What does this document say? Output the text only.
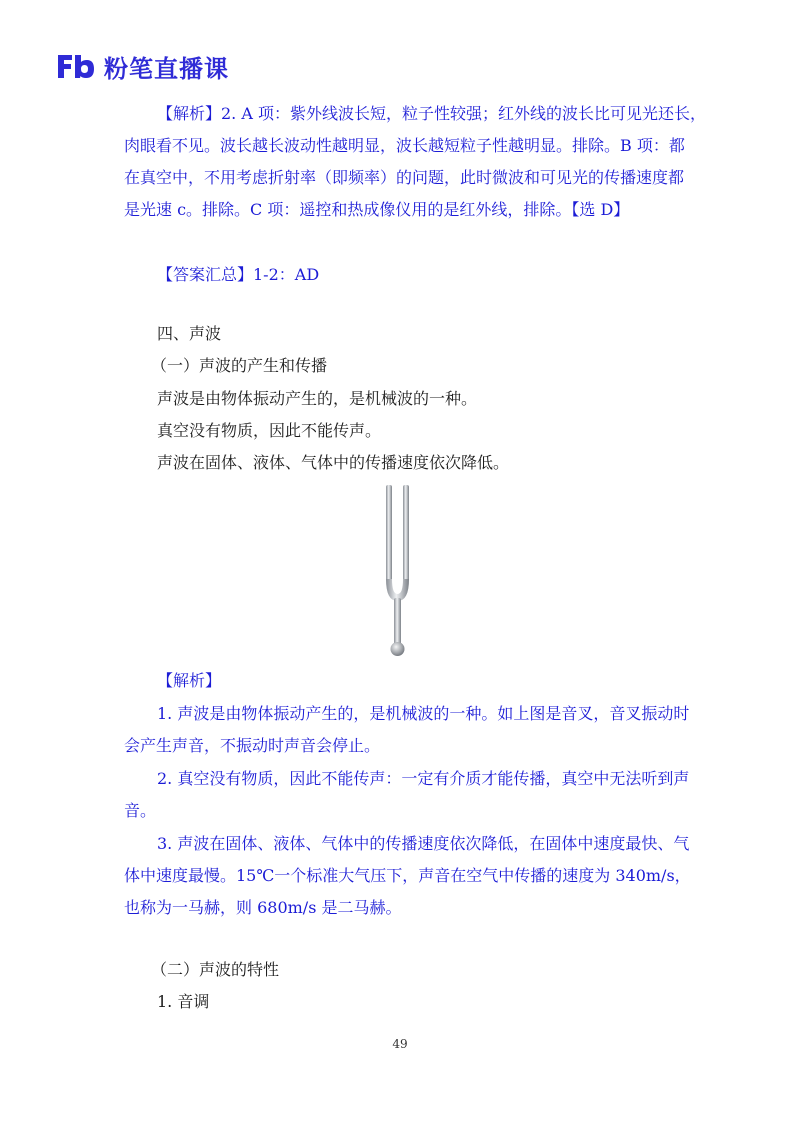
粉笔直播课
【解析】2. A 项：紫外线波长短，粒子性较强；红外线的波长比可见光还长，
肉眼看不见。波长越长波动性越明显，波长越短粒子性越明显。排除。B 项：都
在真空中，不用考虑折射率（即频率）的问题，此时微波和可见光的传播速度都
是光速 c。排除。C 项：遥控和热成像仪用的是红外线，排除。【选 D】
【答案汇总】1-2：AD
四、声波
（一）声波的产生和传播
声波是由物体振动产生的，是机械波的一种。
真空没有物质，因此不能传声。
声波在固体、液体、气体中的传播速度依次降低。
【解析】
1. 声波是由物体振动产生的，是机械波的一种。如上图是音叉，音叉振动时
会产生声音，不振动时声音会停止。
2. 真空没有物质，因此不能传声：一定有介质才能传播，真空中无法听到声
音。
3. 声波在固体、液体、气体中的传播速度依次降低，在固体中速度最快、气
体中速度最慢。15℃一个标准大气压下，声音在空气中传播的速度为 340m/s，
也称为一马赫，则 680m/s 是二马赫。
（二）声波的特性
1. 音调
49
